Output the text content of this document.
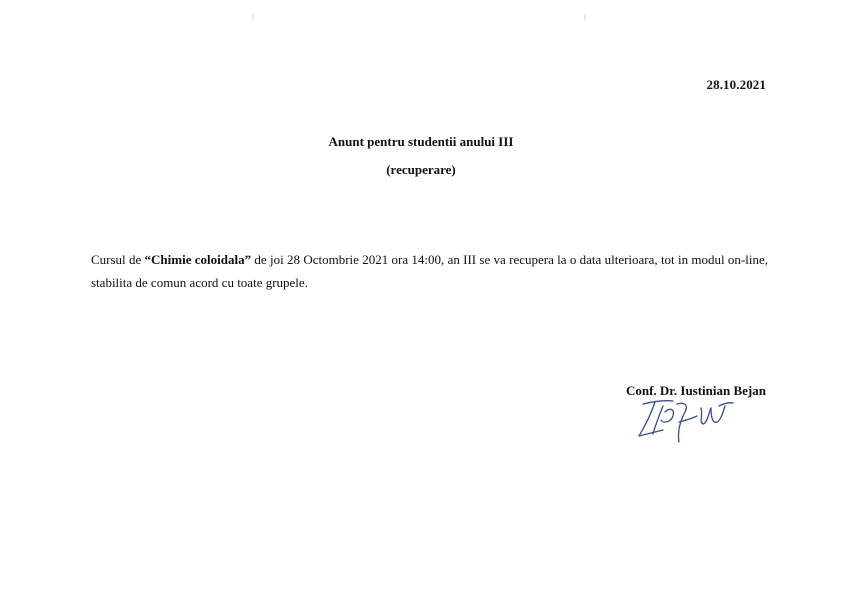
28.10.2021
Anunt pentru studentii anului III
(recuperare)
Cursul de “Chimie coloidala” de joi 28 Octombrie 2021 ora 14:00, an III se va recupera la o data ulterioara, tot in modul on-line, stabilita de comun acord cu toate grupele.
Conf. Dr. Iustinian Bejan
